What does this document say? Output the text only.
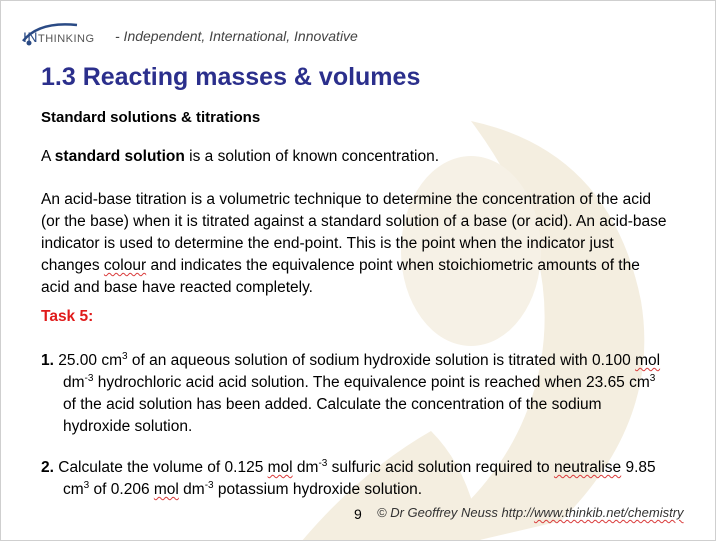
INTHINKING - Independent, International, Innovative
1.3 Reacting masses & volumes
Standard solutions & titrations
A standard solution is a solution of known concentration.
An acid-base titration is a volumetric technique to determine the concentration of the acid (or the base) when it is titrated against a standard solution of a base (or acid). An acid-base indicator is used to determine the end-point. This is the point when the indicator just changes colour and indicates the equivalence point when stoichiometric amounts of the acid and base have reacted completely.
Task 5:
1. 25.00 $cm^3$ of an aqueous solution of sodium hydroxide solution is titrated with 0.100 mol $dm^{-3}$ hydrochloric acid acid solution. The equivalence point is reached when 23.65 $cm^3$ of the acid solution has been added. Calculate the concentration of the sodium hydroxide solution.
2. Calculate the volume of 0.125 mol $dm^{-3}$ sulfuric acid solution required to neutralise 9.85 $cm^3$ of 0.206 mol $dm^{-3}$ potassium hydroxide solution.
9 © Dr Geoffrey Neuss http://www.thinkib.net/chemistry
